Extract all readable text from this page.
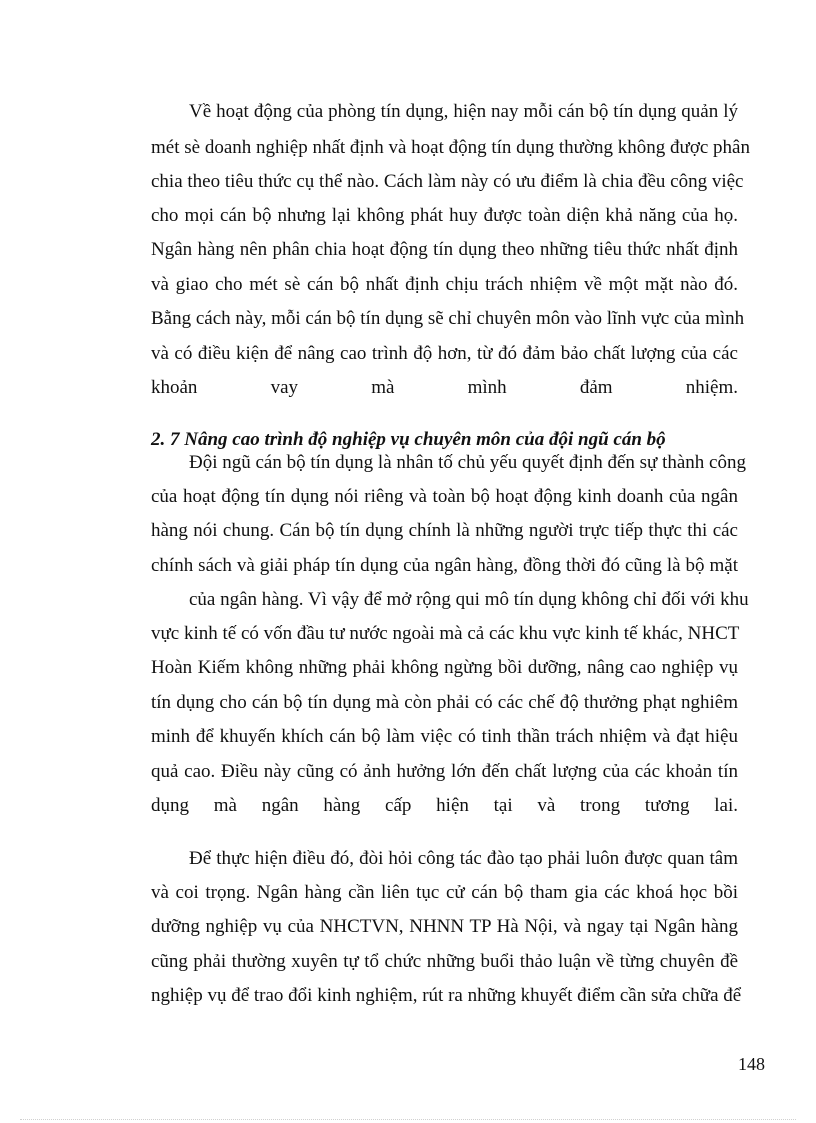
Về hoạt động của phòng tín dụng, hiện nay mỗi cán bộ tín dụng quản lý

mét sè doanh nghiệp nhất định và hoạt động tín dụng thường không được phân

chia theo tiêu thức cụ thể nào. Cách làm này có ưu điểm là chia đều công việc

cho mọi cán bộ nhưng lại không phát huy được toàn diện khả năng của họ.

Ngân hàng nên phân chia hoạt động tín dụng theo những tiêu thức nhất định

và giao cho mét sè cán bộ nhất định chịu trách nhiệm về một mặt nào đó.

Bằng cách này, mỗi cán bộ tín dụng sẽ chỉ chuyên môn vào lĩnh vực của mình

và có điều kiện để nâng cao trình độ hơn, từ đó đảm bảo chất lượng của các

khoản vay mà mình đảm nhiệm.

2. 7 Nâng cao trình độ nghiệp vụ chuyên môn của đội ngũ cán bộ

Đội ngũ cán bộ tín dụng là nhân tố chủ yếu quyết định đến sự thành công

của hoạt động tín dụng nói riêng và toàn bộ hoạt động kinh doanh của ngân

hàng nói chung. Cán bộ tín dụng chính là những người trực tiếp thực thi các

chính sách và giải pháp tín dụng của ngân hàng, đồng thời đó cũng là bộ mặt

của ngân hàng. Vì vậy để mở rộng qui mô tín dụng không chỉ đối với khu

vực kinh tế có vốn đầu tư nước ngoài mà cả các khu vực kinh tế khác, NHCT

Hoàn Kiếm không những phải không ngừng bồi dưỡng, nâng cao nghiệp vụ

tín dụng cho cán bộ tín dụng mà còn phải có các chế độ thưởng phạt nghiêm

minh để khuyến khích cán bộ làm việc có tinh thần trách nhiệm và đạt hiệu

quả cao. Điều này cũng có ảnh hưởng lớn đến chất lượng của các khoản tín

dụng mà ngân hàng cấp hiện tại và trong tương lai.

Để thực hiện điều đó, đòi hỏi công tác đào tạo phải luôn được quan tâm

và coi trọng. Ngân hàng cần liên tục cử cán bộ tham gia các khoá học bồi

dưỡng nghiệp vụ của NHCTVN, NHNN TP Hà Nội, và ngay tại Ngân hàng

cũng phải thường xuyên tự tổ chức những buổi thảo luận về từng chuyên đề

nghiệp vụ để trao đổi kinh nghiệm, rút ra những khuyết điểm cần sửa chữa để

148
